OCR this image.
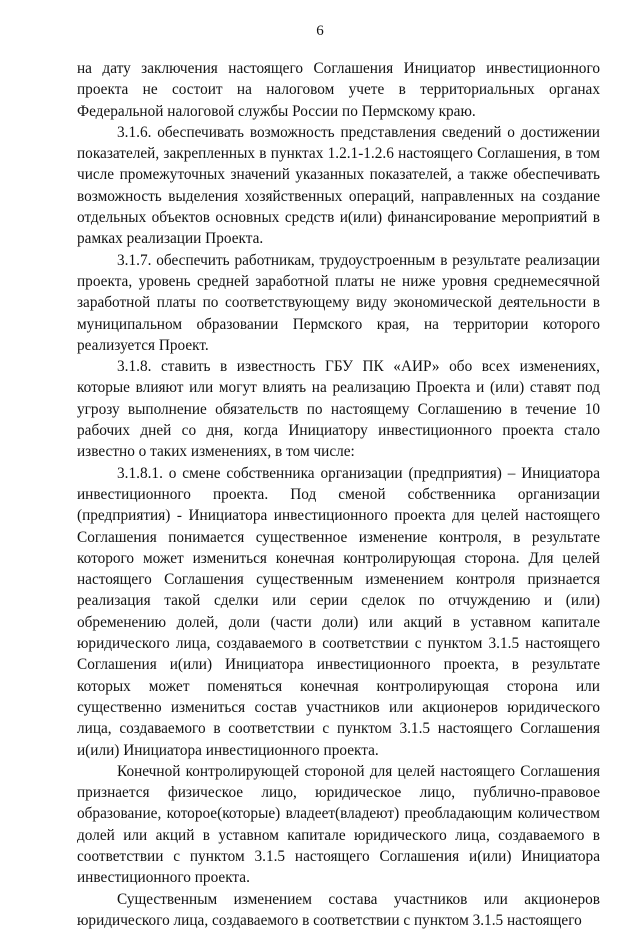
6

на дату заключения настоящего Соглашения Инициатор инвестиционного проекта не состоит на налоговом учете в территориальных органах Федеральной налоговой службы России по Пермскому краю.

3.1.6. обеспечивать возможность представления сведений о достижении показателей, закрепленных в пунктах 1.2.1-1.2.6 настоящего Соглашения, в том числе промежуточных значений указанных показателей, а также обеспечивать возможность выделения хозяйственных операций, направленных на создание отдельных объектов основных средств и(или) финансирование мероприятий в рамках реализации Проекта.

3.1.7. обеспечить работникам, трудоустроенным в результате реализации проекта, уровень средней заработной платы не ниже уровня среднемесячной заработной платы по соответствующему виду экономической деятельности в муниципальном образовании Пермского края, на территории которого реализуется Проект.

3.1.8. ставить в известность ГБУ ПК «АИР» обо всех изменениях, которые влияют или могут влиять на реализацию Проекта и (или) ставят под угрозу выполнение обязательств по настоящему Соглашению в течение 10 рабочих дней со дня, когда Инициатору инвестиционного проекта стало известно о таких изменениях, в том числе:

3.1.8.1. о смене собственника организации (предприятия) – Инициатора инвестиционного проекта. Под сменой собственника организации (предприятия) - Инициатора инвестиционного проекта для целей настоящего Соглашения понимается существенное изменение контроля, в результате которого может измениться конечная контролирующая сторона. Для целей настоящего Соглашения существенным изменением контроля признается реализация такой сделки или серии сделок по отчуждению и (или) обременению долей, доли (части доли) или акций в уставном капитале юридического лица, создаваемого в соответствии с пунктом 3.1.5 настоящего Соглашения и(или) Инициатора инвестиционного проекта, в результате которых может поменяться конечная контролирующая сторона или существенно измениться состав участников или акционеров юридического лица, создаваемого в соответствии с пунктом 3.1.5 настоящего Соглашения и(или) Инициатора инвестиционного проекта.

Конечной контролирующей стороной для целей настоящего Соглашения признается физическое лицо, юридическое лицо, публично-правовое образование, которое(которые) владеет(владеют) преобладающим количеством долей или акций в уставном капитале юридического лица, создаваемого в соответствии с пунктом 3.1.5 настоящего Соглашения и(или) Инициатора инвестиционного проекта.

Существенным изменением состава участников или акционеров юридического лица, создаваемого в соответствии с пунктом 3.1.5 настоящего
